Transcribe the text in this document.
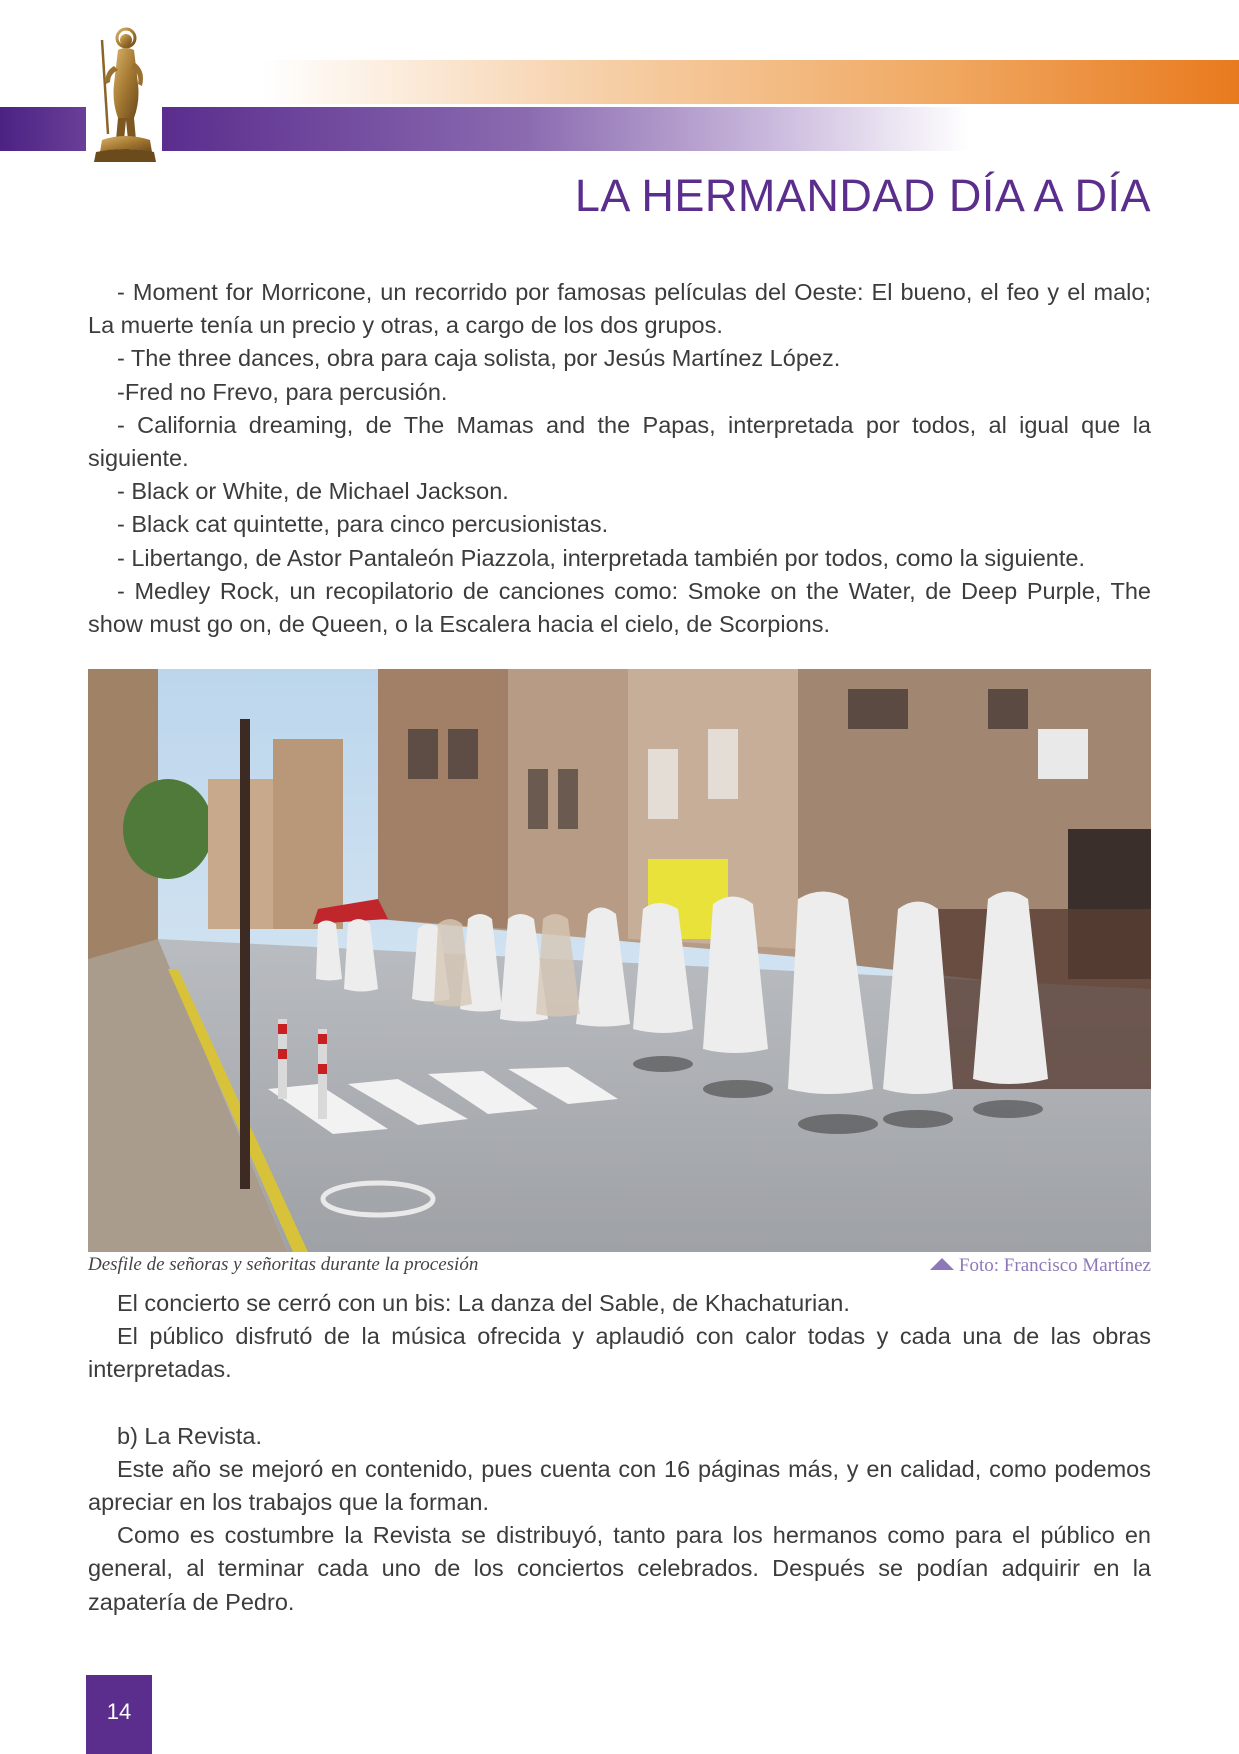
LA HERMANDAD DÍA A DÍA

- Moment for Morricone, un recorrido por famosas películas del Oeste: El bueno, el feo y el malo; La muerte tenía un precio y otras, a cargo de los dos grupos.

- The three dances, obra para caja solista, por Jesús Martínez López.

-Fred no Frevo, para percusión.

- California dreaming, de The Mamas and the Papas, interpretada por todos, al igual que la siguiente.

- Black or White, de Michael Jackson.

- Black cat quintette, para cinco percusionistas.

- Libertango, de Astor Pantaleón Piazzola, interpretada también por todos, como la siguiente.

- Medley Rock, un recopilatorio de canciones como: Smoke on the Water, de Deep Purple, The show must go on, de Queen, o la Escalera hacia el cielo, de Scorpions.

Desfile de señoras y señoritas durante la procesión	Foto: Francisco Martínez

El concierto se cerró con un bis: La danza del Sable, de Khachaturian.

El público disfrutó de la música ofrecida y aplaudió con calor todas y cada una de las obras interpretadas.

b) La Revista.

Este año se mejoró en contenido, pues cuenta con 16 páginas más, y en calidad, como podemos apreciar en los trabajos que la forman.

Como es costumbre la Revista se distribuyó, tanto para los hermanos como para el público en general, al terminar cada uno de los conciertos celebrados. Después se podían adquirir en la zapatería de Pedro.

14
